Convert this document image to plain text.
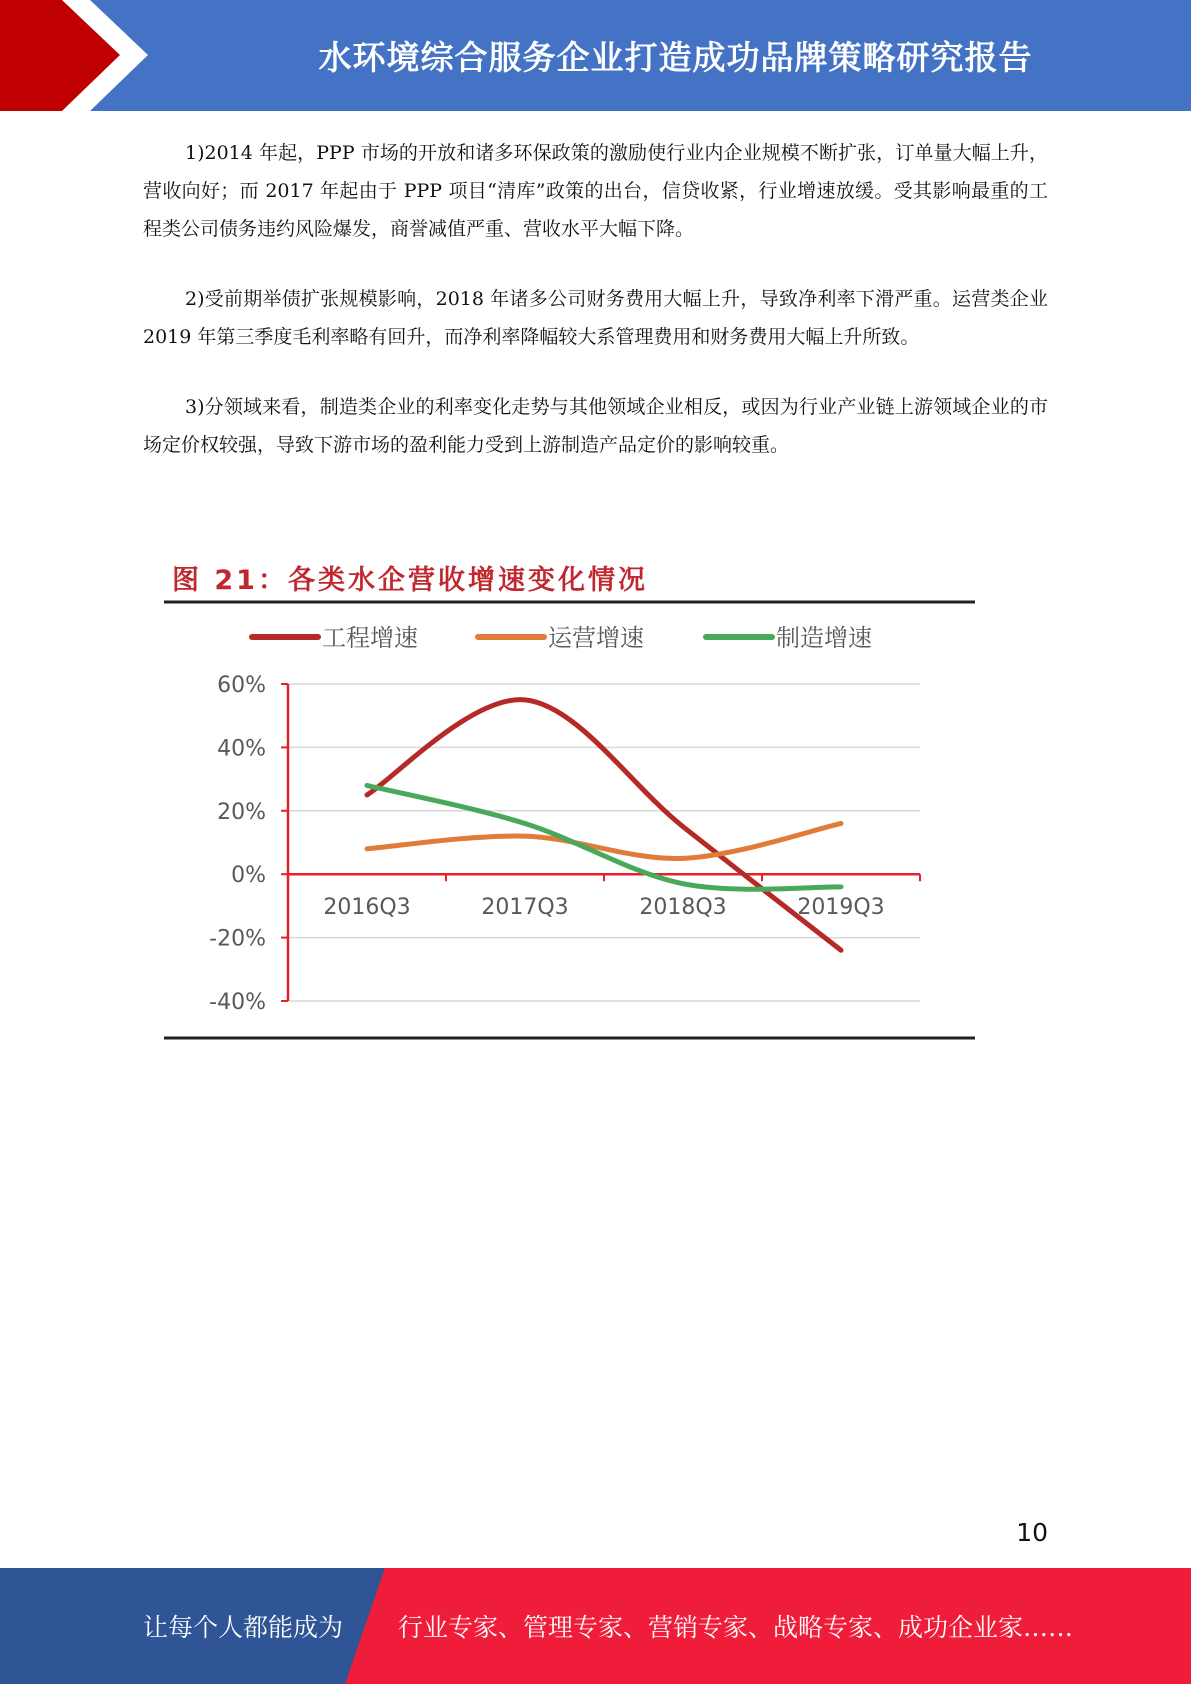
水环境综合服务企业打造成功品牌策略研究报告

1)2014 年起，PPP 市场的开放和诸多环保政策的激励使行业内企业规模不断扩张，订单量大幅上升，营收向好；而 2017 年起由于 PPP 项目“清库”政策的出台，信贷收紧，行业增速放缓。受其影响最重的工程类公司债务违约风险爆发，商誉减值严重、营收水平大幅下降。

2)受前期举债扩张规模影响，2018 年诸多公司财务费用大幅上升，导致净利率下滑严重。运营类企业 2019 年第三季度毛利率略有回升，而净利率降幅较大系管理费用和财务费用大幅上升所致。

3)分领域来看，制造类企业的利率变化走势与其他领域企业相反，或因为行业产业链上游领域企业的市场定价权较强，导致下游市场的盈利能力受到上游制造产品定价的影响较重。

图 21：各类水企营收增速变化情况
工程增速	运营增速	制造增速
60%
40%
20%
0%
-20%
-40%
2016Q3	2017Q3	2018Q3	2019Q3
10
让每个人都能成为 行业专家、管理专家、营销专家、战略专家、成功企业家……
